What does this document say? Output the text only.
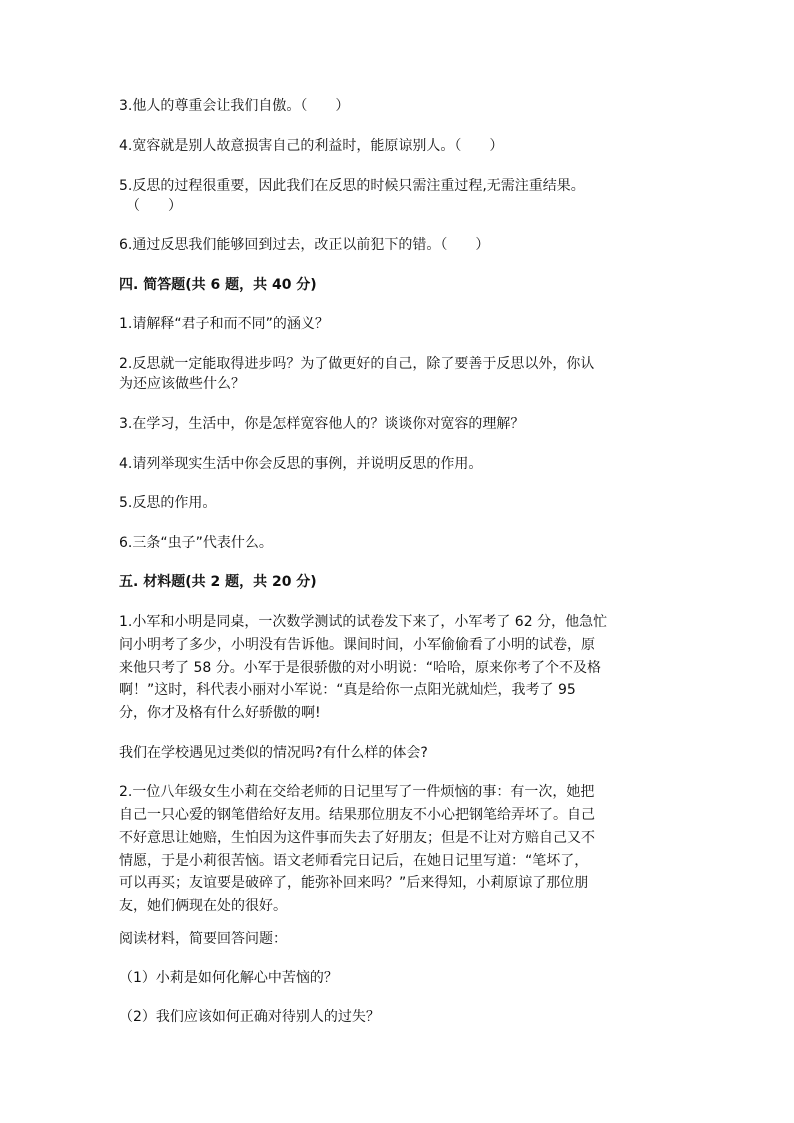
3.他人的尊重会让我们自傲。（　　）
4.宽容就是别人故意损害自己的利益时，能原谅别人。（　　）
5.反思的过程很重要，因此我们在反思的时候只需注重过程,无需注重结果。
（　　）
6.通过反思我们能够回到过去，改正以前犯下的错。（　　）
四. 简答题(共 6 题，共 40 分)
1.请解释“君子和而不同”的涵义？
2.反思就一定能取得进步吗？为了做更好的自己，除了要善于反思以外，你认
为还应该做些什么？
3.在学习，生活中，你是怎样宽容他人的？谈谈你对宽容的理解？
4.请列举现实生活中你会反思的事例，并说明反思的作用。
5.反思的作用。
6.三条“虫子”代表什么。
五. 材料题(共 2 题，共 20 分)
1.小军和小明是同桌，一次数学测试的试卷发下来了，小军考了 62 分，他急忙
问小明考了多少，小明没有告诉他。课间时间，小军偷偷看了小明的试卷，原
来他只考了 58 分。小军于是很骄傲的对小明说：“哈哈，原来你考了个不及格
啊！”这时，科代表小丽对小军说：“真是给你一点阳光就灿烂，我考了 95
分，你才及格有什么好骄傲的啊!
我们在学校遇见过类似的情况吗?有什么样的体会?
2.一位八年级女生小莉在交给老师的日记里写了一件烦恼的事：有一次，她把
自己一只心爱的钢笔借给好友用。结果那位朋友不小心把钢笔给弄坏了。自己
不好意思让她赔，生怕因为这件事而失去了好朋友；但是不让对方赔自己又不
情愿，于是小莉很苦恼。语文老师看完日记后，在她日记里写道：“笔坏了，
可以再买；友谊要是破碎了，能弥补回来吗？”后来得知，小莉原谅了那位朋
友，她们俩现在处的很好。
阅读材料，简要回答问题：
（1）小莉是如何化解心中苦恼的？
（2）我们应该如何正确对待别人的过失？
